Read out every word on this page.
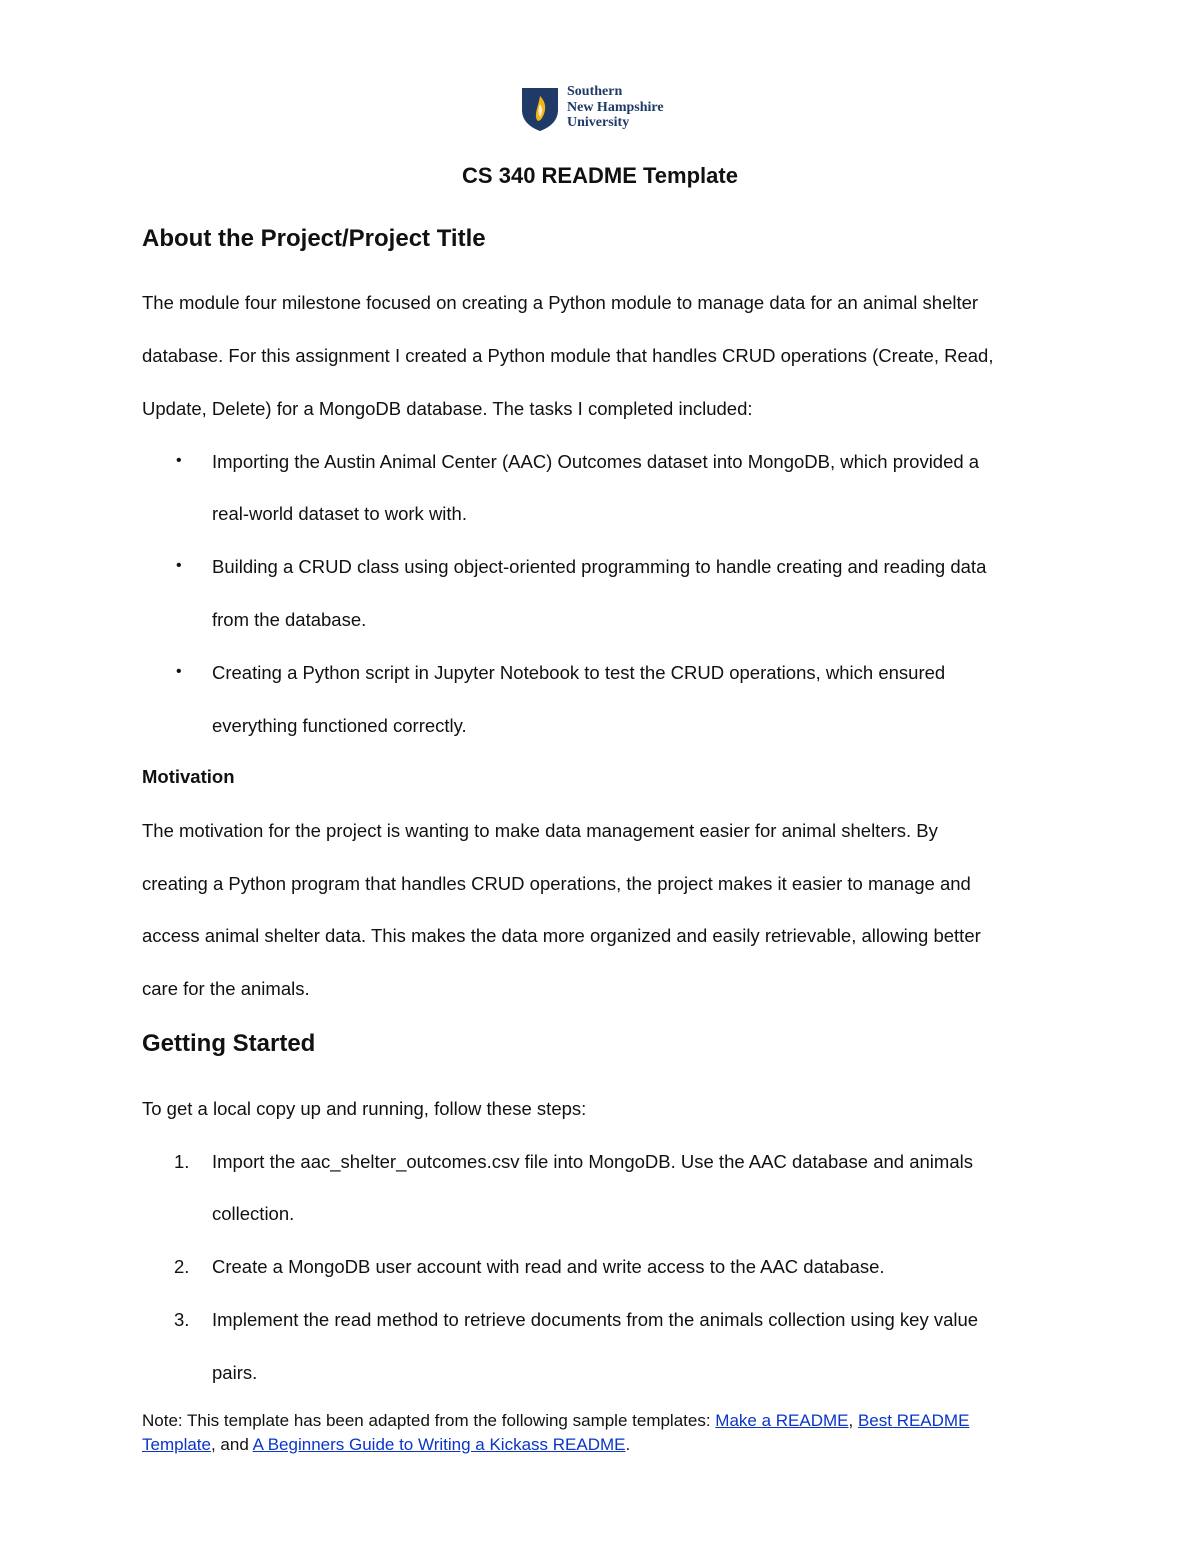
Southern
New Hampshire
University
CS 340 README Template
About the Project/Project Title
The module four milestone focused on creating a Python module to manage data for an animal shelter
database. For this assignment I created a Python module that handles CRUD operations (Create, Read,
Update, Delete) for a MongoDB database. The tasks I completed included:
• Importing the Austin Animal Center (AAC) Outcomes dataset into MongoDB, which provided a
real-world dataset to work with.
• Building a CRUD class using object-oriented programming to handle creating and reading data
from the database.
• Creating a Python script in Jupyter Notebook to test the CRUD operations, which ensured
everything functioned correctly.
Motivation
The motivation for the project is wanting to make data management easier for animal shelters. By
creating a Python program that handles CRUD operations, the project makes it easier to manage and
access animal shelter data. This makes the data more organized and easily retrievable, allowing better
care for the animals.
Getting Started
To get a local copy up and running, follow these steps:
1. Import the aac_shelter_outcomes.csv file into MongoDB. Use the AAC database and animals
collection.
2. Create a MongoDB user account with read and write access to the AAC database.
3. Implement the read method to retrieve documents from the animals collection using key value
pairs.
Note: This template has been adapted from the following sample templates: Make a README, Best README Template, and A Beginners Guide to Writing a Kickass README.
